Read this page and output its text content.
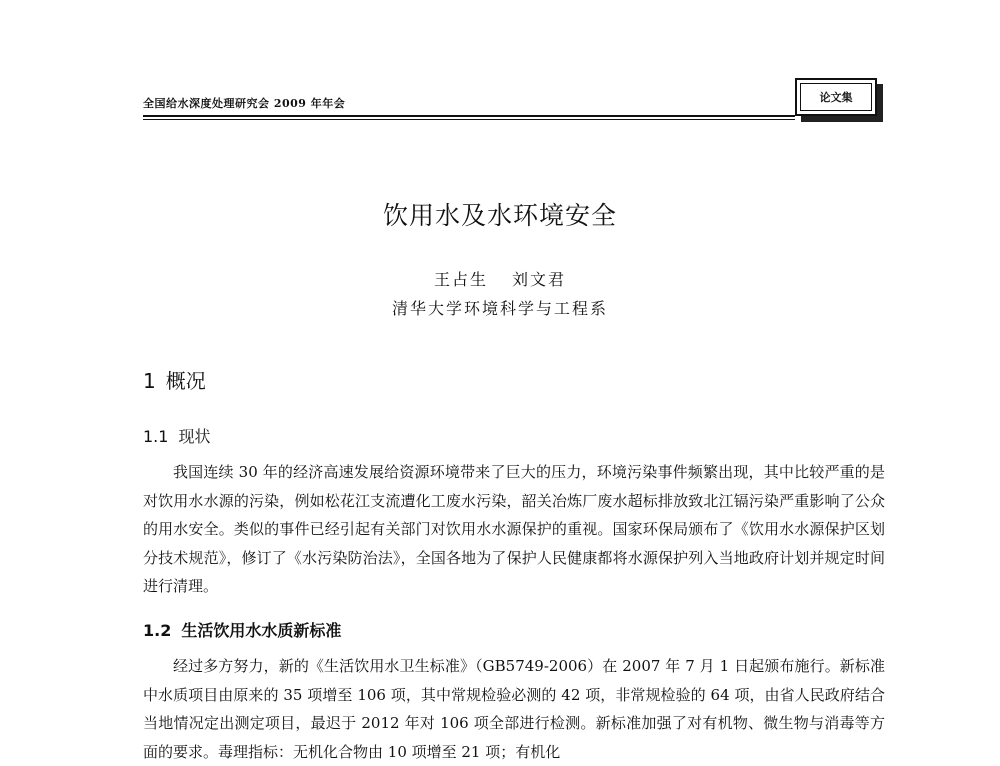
全国给水深度处理研究会 2009 年年会	论文集
饮用水及水环境安全
王占生 刘文君
清华大学环境科学与工程系
1 概况
1.1 现状

我国连续 30 年的经济高速发展给资源环境带来了巨大的压力，环境污染事件频繁出现，其中比较严重的是对饮用水水源的污染，例如松花江支流遭化工废水污染，韶关冶炼厂废水超标排放致北江镉污染严重影响了公众的用水安全。类似的事件已经引起有关部门对饮用水水源保护的重视。国家环保局颁布了《饮用水水源保护区划分技术规范》，修订了《水污染防治法》，全国各地为了保护人民健康都将水源保护列入当地政府计划并规定时间进行清理。

1.2 生活饮用水水质新标准

经过多方努力，新的《生活饮用水卫生标准》（GB5749-2006）在 2007 年 7 月 1 日起颁布施行。新标准中水质项目由原来的 35 项增至 106 项，其中常规检验必测的 42 项，非常规检验的 64 项，由省人民政府结合当地情况定出测定项目，最迟于 2012 年对 106 项全部进行检测。新标准加强了对有机物、微生物与消毒等方面的要求。毒理指标：无机化合物由 10 项增至 21 项；有机化
